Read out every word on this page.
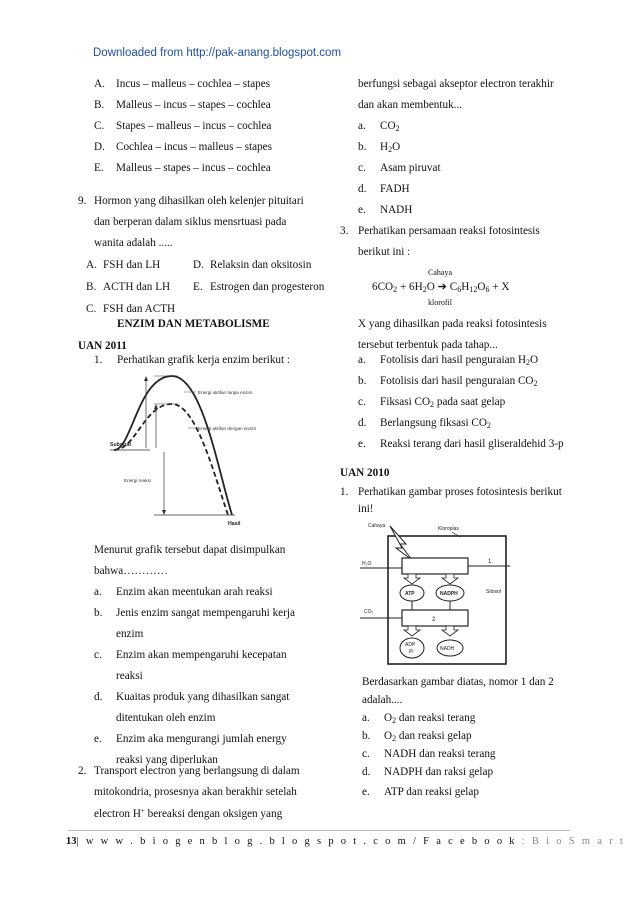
Downloaded from http://pak-anang.blogspot.com
A. Incus – malleus – cochlea – stapes
B. Malleus – incus – stapes – cochlea
C. Stapes – malleus – incus – cochlea
D. Cochlea – incus – malleus – stapes
E. Malleus – stapes – incus – cochlea
9. Hormon yang dihasilkan oleh kelenjer pituitari
dan berperan dalam siklus mensrtuasi pada
wanita adalah .....
A. FSH dan LH	D. Relaksin dan oksitosin
B. ACTH dan LH E. Estrogen dan progesteron
C. FSH dan ACTH
ENZIM DAN METABOLISME
UAN 2011
1. Perhatikan grafik kerja enzim berikut :
Energi aktifan tanpa enzim
Energi aktifan dengan enzim
Substrat
Energi reaksi
Hasil
Menurut grafik tersebut dapat disimpulkan
bahwa…………
a. Enzim akan meentukan arah reaksi
b. Jenis enzim sangat mempengaruhi kerja
enzim
c. Enzim akan mempengaruhi kecepatan
reaksi
d. Kuaitas produk yang dihasilkan sangat
ditentukan oleh enzim
e. Enzim aka mengurangi jumlah energy
reaksi yang diperlukan
2. Transport electron yang berlangsung di dalam
mitokondria, prosesnya akan berakhir setelah
electron H+ bereaksi dengan oksigen yang
berfungsi sebagai akseptor electron terakhir
dan akan membentuk...
a. $CO_2$
b. $H_2O$
c. Asam piruvat
d. FADH
e. NADH
3. Perhatikan persamaan reaksi fotosintesis
berikut ini :
Cahaya
$6CO_2 + 6H_2O$ ➔ $C_6H_{12}O_6 + X$
klorofil
X yang dihasilkan pada reaksi fotosintesis
tersebut terbentuk pada tahap...
a. Fotolisis dari hasil penguraian $H_2O$
b. Fotolisis dari hasil penguraian $CO_2$
c. Fiksasi $CO_2$ pada saat gelap
d. Berlangsung fiksasi $CO_2$
e. Reaksi terang dari hasil gliseraldehid 3-p
UAN 2010
1. Perhatikan gambar proses fotosintesis berikut
ini!
Cahaya	Kloroplas
H₂O	1
Sitosol
ATP	NADPH
CO₂
2
ADP
Pi	NADH
Berdasarkan gambar diatas, nomor 1 dan 2
adalah....
a. $O_2$ dan reaksi terang
b. $O_2$ dan reaksi gelap
c. NADH dan reaksi terang
d. NADPH dan raksi gelap
e. ATP dan reaksi gelap
13| w w w . b i o g e n b l o g . b l o g s p o t . c o m / F a c e b o o k : B i o S m a r t
